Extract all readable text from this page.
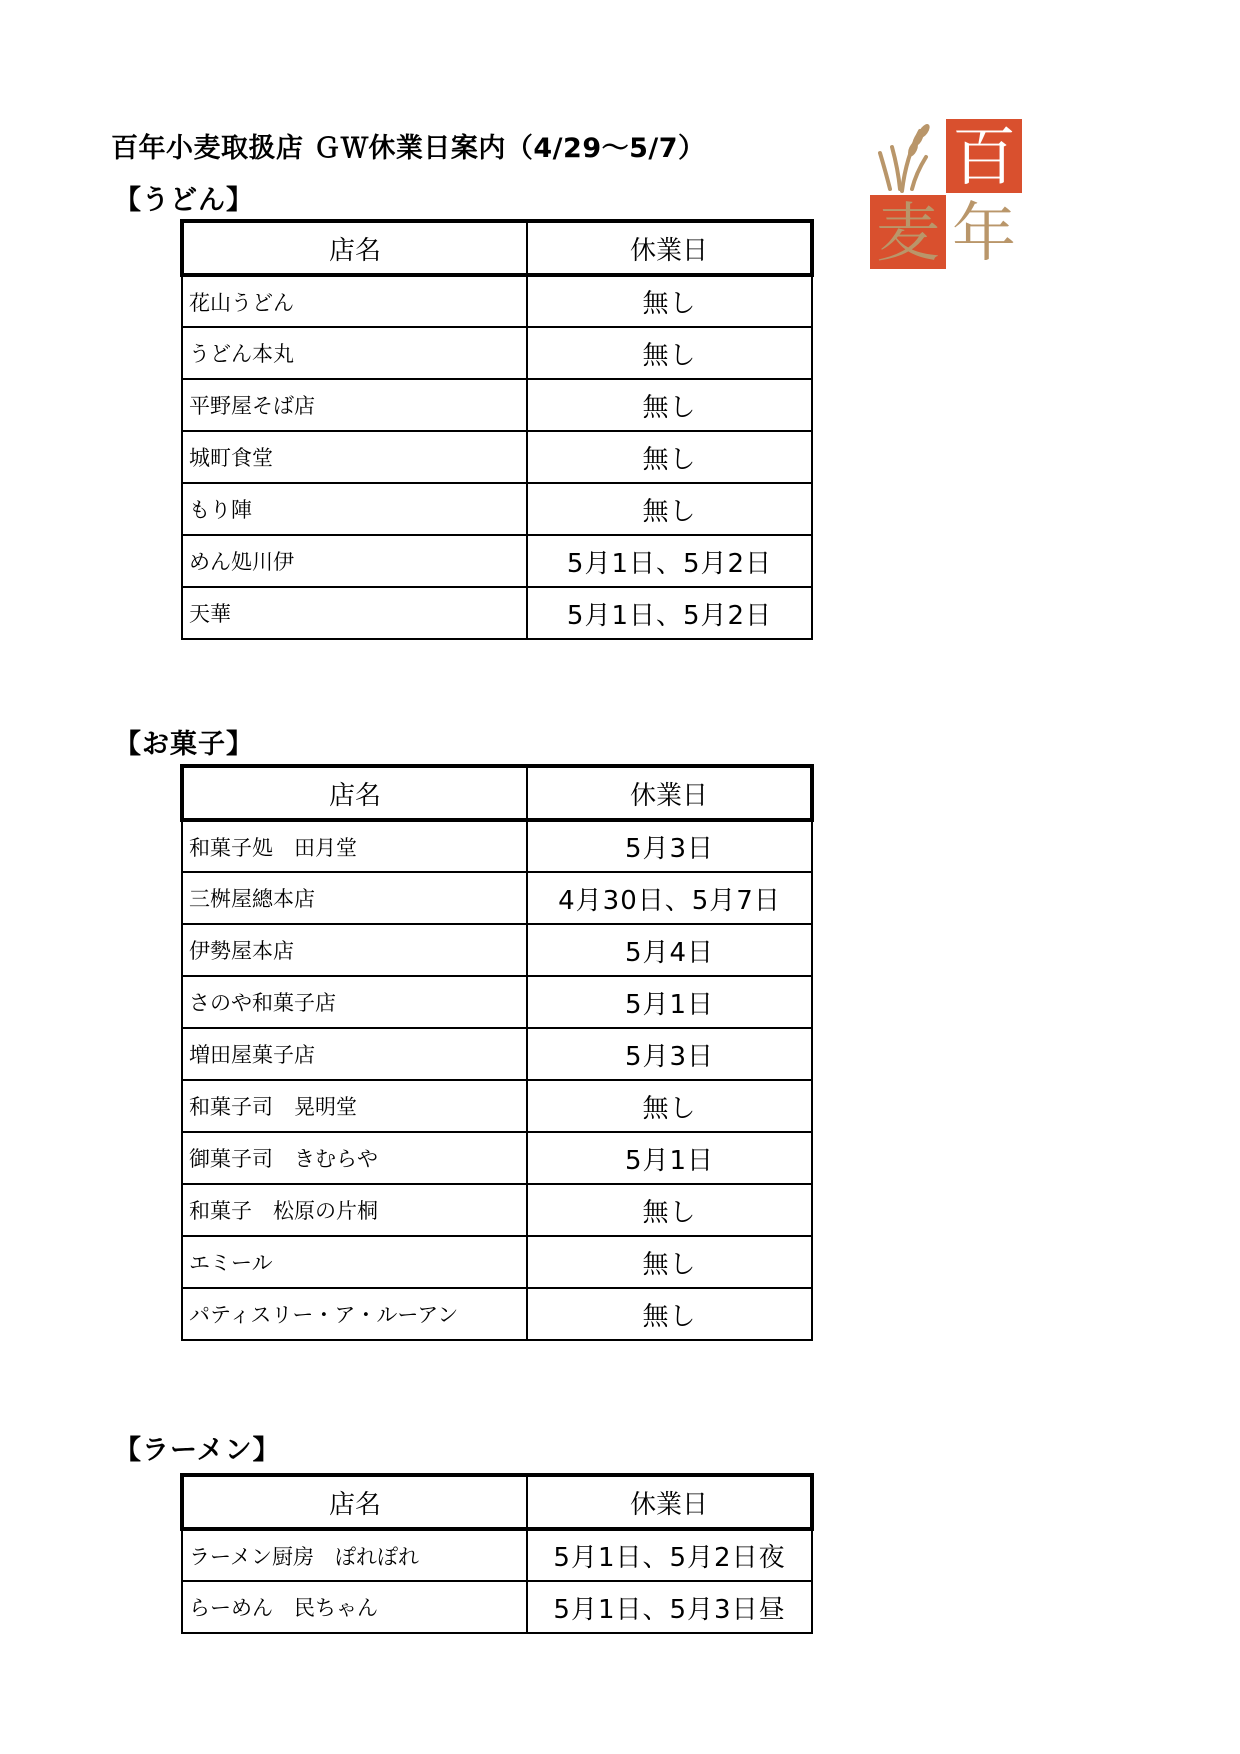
百年小麦取扱店 ＧＷ休業日案内（4/29～5/7）	百
麦 年
【うどん】
店名	休業日
花山うどん	無し
うどん本丸	無し
平野屋そば店	無し
城町食堂	無し
もり陣	無し
めん処川伊	5月1日、5月2日
天華	5月1日、5月2日
【お菓子】
店名	休業日
和菓子処　田月堂	5月3日
三桝屋總本店	4月30日、5月7日
伊勢屋本店	5月4日
さのや和菓子店	5月1日
増田屋菓子店	5月3日
和菓子司　晃明堂	無し
御菓子司　きむらや	5月1日
和菓子　松原の片桐	無し
エミール	無し
パティスリー・ア・ルーアン	無し
【ラーメン】
店名	休業日
ラーメン厨房　ぽれぽれ	5月1日、5月2日夜
らーめん　民ちゃん	5月1日、5月3日昼
